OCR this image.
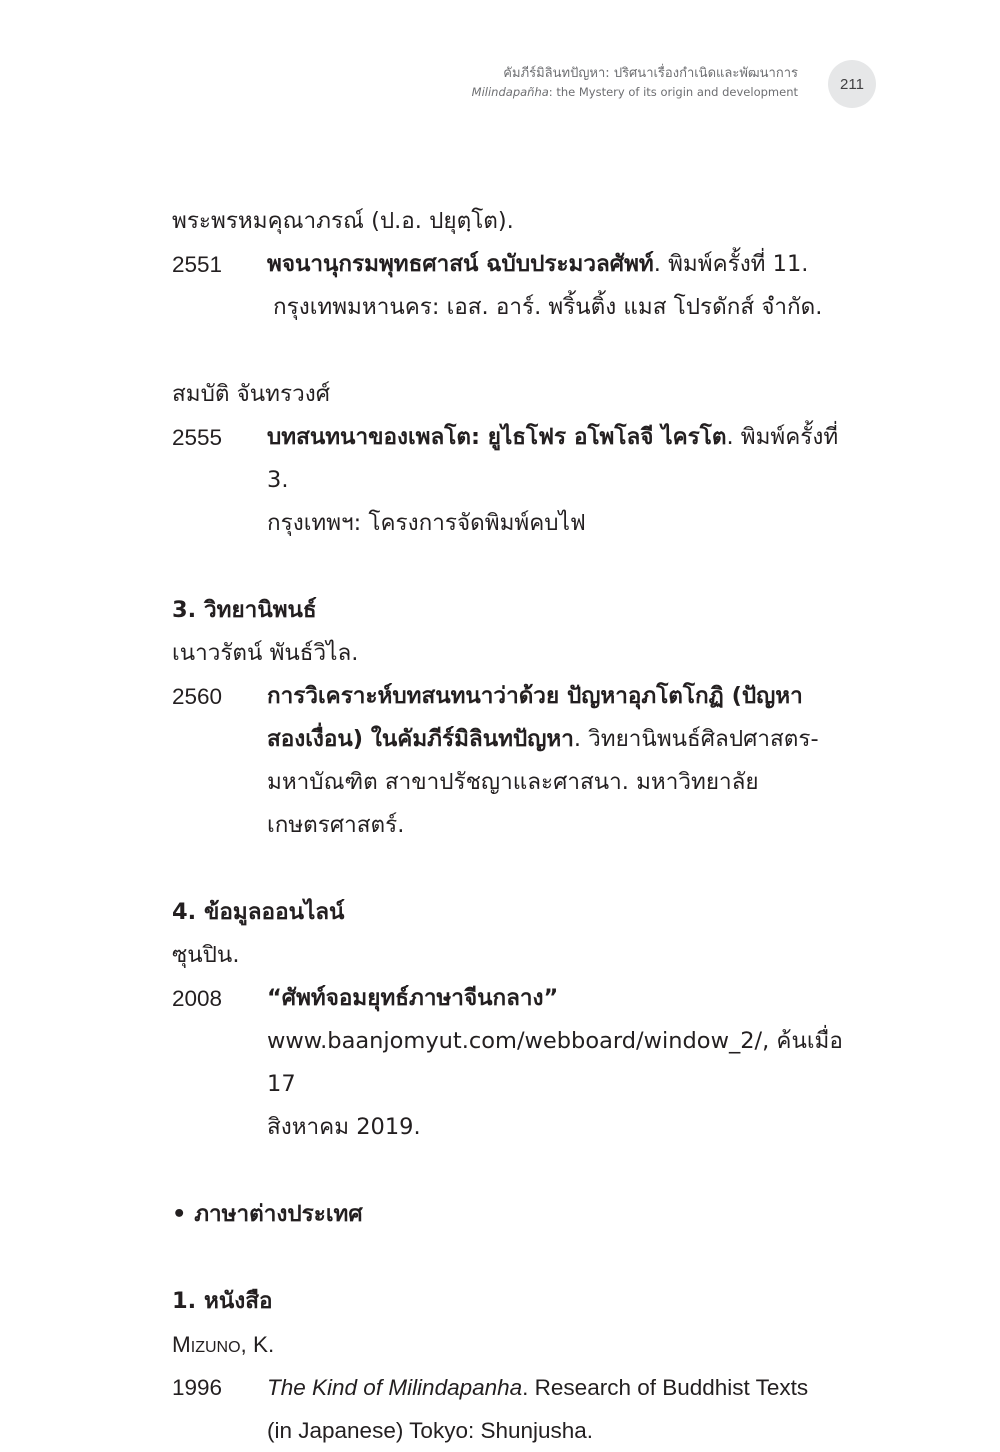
คัมภีร์มิลินทปัญหา: ปริศนาเรื่องกำเนิดและพัฒนาการ
Milindapañha: the Mystery of its origin and development	211
พระพรหมคุณาภรณ์ (ป.อ. ปยุตฺโต).
2551	พจนานุกรมพุทธศาสน์ ฉบับประมวลศัพท์. พิมพ์ครั้งที่ 11.
กรุงเทพมหานคร: เอส. อาร์. พริ้นติ้ง แมส โปรดักส์ จำกัด.
สมบัติ จันทรวงศ์
2555	บทสนทนาของเพลโต: ยูไธโฟร อโพโลจี ไครโต. พิมพ์ครั้งที่ 3.
กรุงเทพฯ: โครงการจัดพิมพ์คบไฟ
3. วิทยานิพนธ์
เนาวรัตน์ พันธ์วิไล.
2560	การวิเคราะห์บทสนทนาว่าด้วย ปัญหาอุภโตโกฏิ (ปัญหา
สองเงื่อน) ในคัมภีร์มิลินทปัญหา. วิทยานิพนธ์ศิลปศาสตร-
มหาบัณฑิต สาขาปรัชญาและศาสนา. มหาวิทยาลัยเกษตรศาสตร์.
4. ข้อมูลออนไลน์
ซุนปิน.
2008	“ศัพท์จอมยุทธ์ภาษาจีนกลาง”
www.baanjomyut.com/webboard/window_2/, ค้นเมื่อ 17
สิงหาคม 2019.
• ภาษาต่างประเทศ
1. หนังสือ
Mizuno, K.
1996	The Kind of Milindapanha. Research of Buddhist Texts
(in Japanese) Tokyo: Shunjusha.
